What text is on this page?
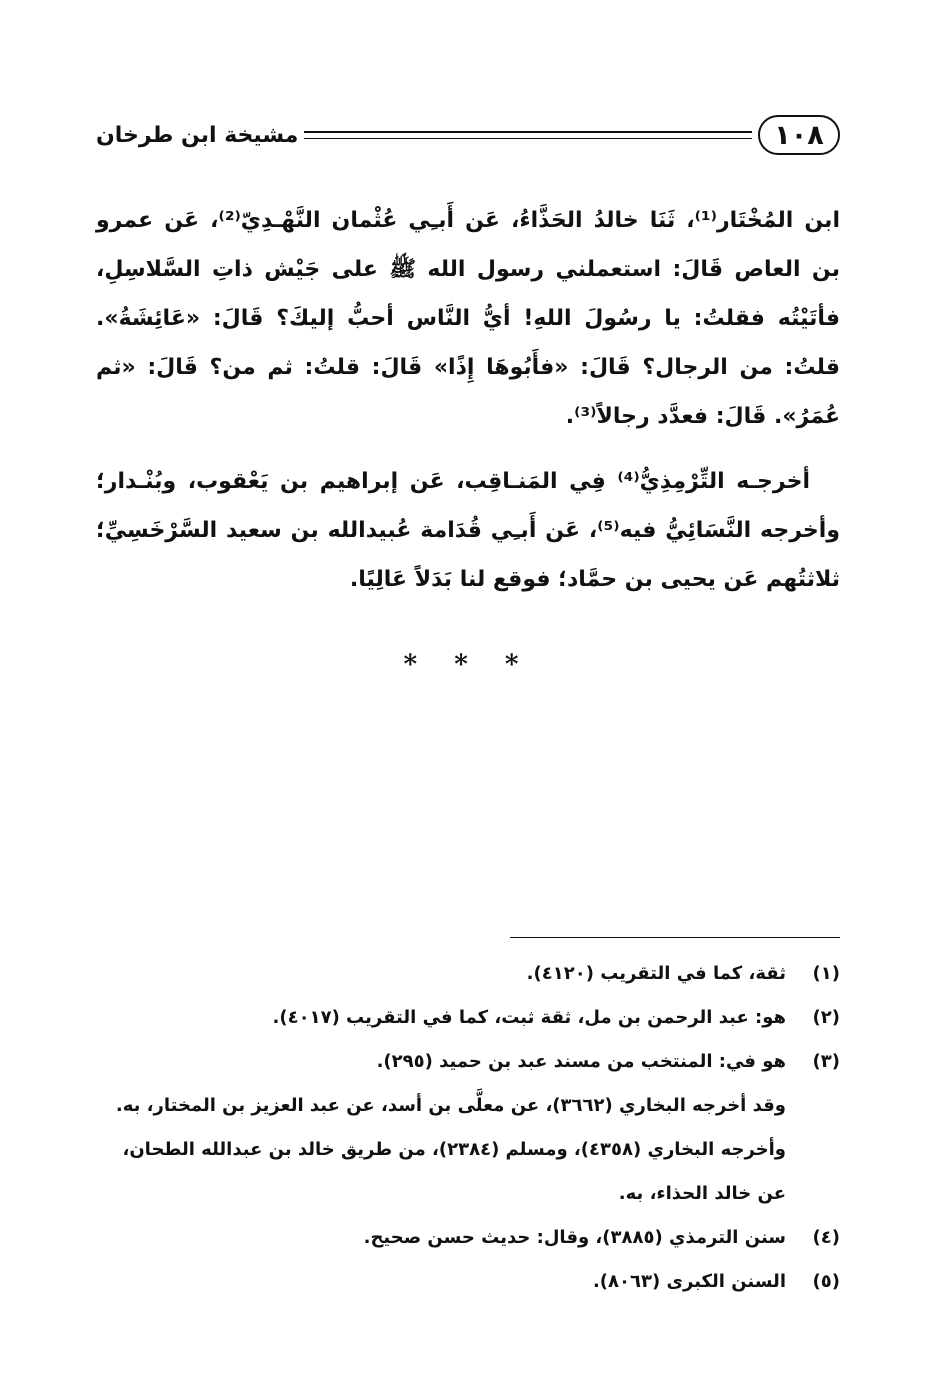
١٠٨
مشيخة ابن طرخان

ابن المُخْتَار⁽¹⁾، ثَنَا خالدُ الحَذَّاءُ، عَن أَبـِي عُثْمان النَّهْـدِيّ⁽²⁾، عَن عمرو بن العاص قَالَ: استعملني رسول الله ﷺ على جَيْش ذاتِ السَّلاسِلِ، فأتَيْتُه فقلتُ: يا رسُولَ اللهِ! أيُّ النَّاس أحبُّ إليكَ؟ قَالَ: «عَائِشَةُ». قلتُ: من الرجال؟ قَالَ: «فأَبُوهَا إِذًا» قَالَ: قلتُ: ثم من؟ قَالَ: «ثم عُمَرُ». قَالَ: فعدَّد رجالاً⁽³⁾.

أخرجـه التِّرْمِذِيُّ⁽⁴⁾ فِي المَنـاقِب، عَن إبراهيم بن يَعْقوب، وبُنْـدار؛ وأخرجه النَّسَائِيُّ فيه⁽⁵⁾، عَن أَبـِي قُدَامة عُبيدالله بن سعيد السَّرْخَسِيِّ؛ ثلاثتُهم عَن يحيى بن حمَّاد؛ فوقع لنا بَدَلاً عَالِيًا.

* * *
(١)
ثقة، كما في التقريب (٤١٢٠).
(٢)
هو: عبد الرحمن بن مل، ثقة ثبت، كما في التقريب (٤٠١٧).
(٣)
هو في: المنتخب من مسند عبد بن حميد (٢٩٥).
وقد أخرجه البخاري (٣٦٦٢)، عن معلَّى بن أسد، عن عبد العزيز بن المختار، به.
وأخرجه البخاري (٤٣٥٨)، ومسلم (٢٣٨٤)، من طريق خالد بن عبدالله الطحان،
عن خالد الحذاء، به.
(٤)
سنن الترمذي (٣٨٨٥)، وقال: حديث حسن صحيح.
(٥)
السنن الكبرى (٨٠٦٣).
